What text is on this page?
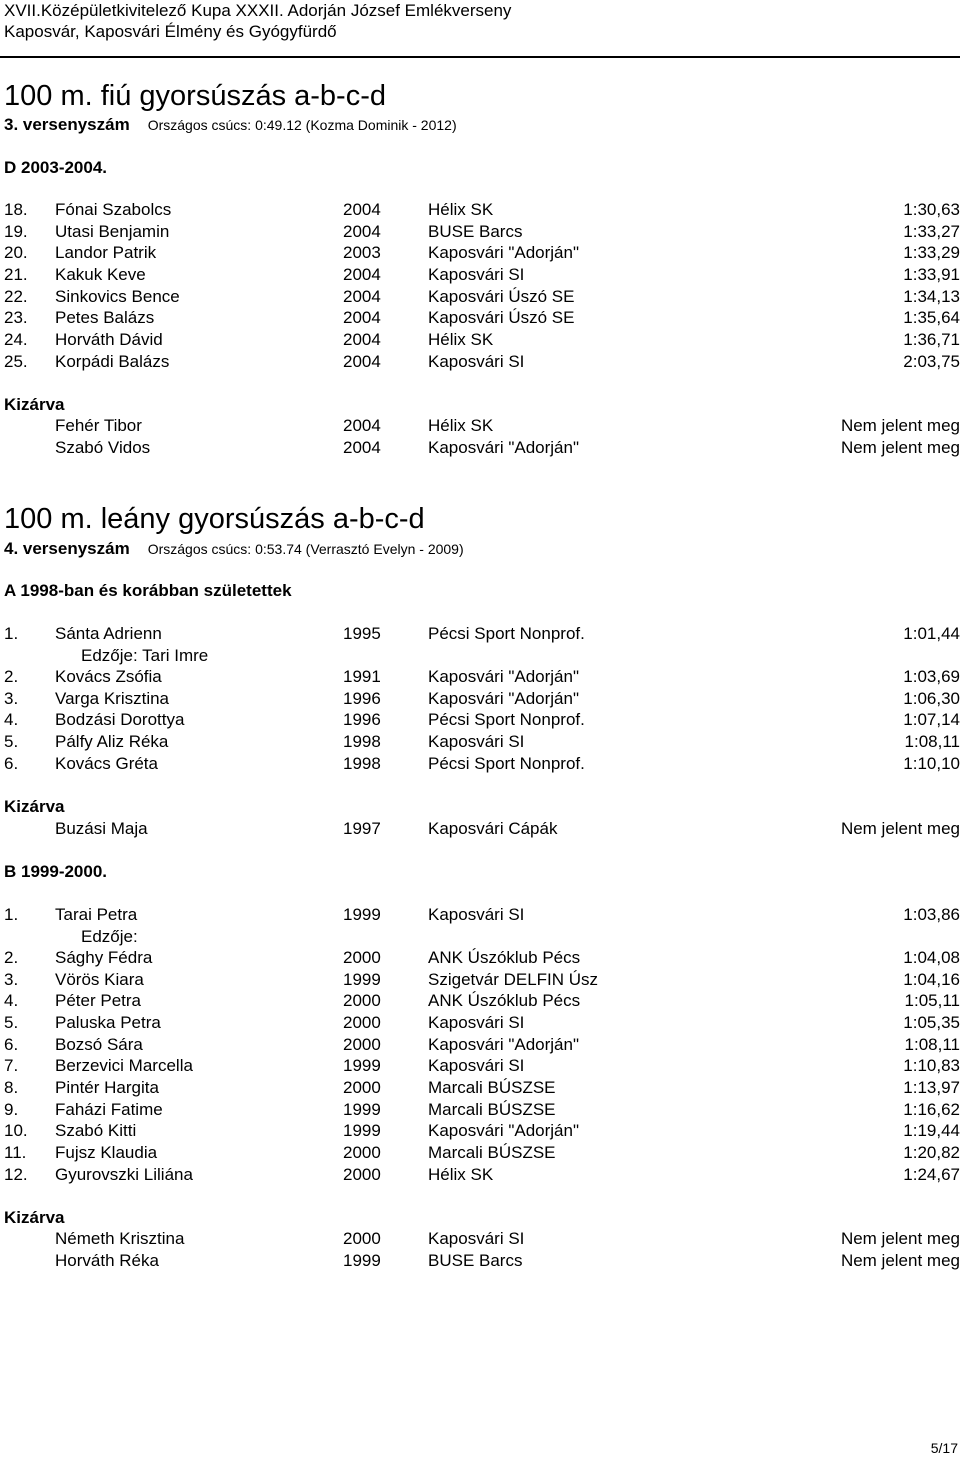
XVII.Középületkivitelező Kupa XXXII. Adorján József Emlékverseny
Kaposvár, Kaposvári Élmény és Gyógyfürdő
100 m. fiú gyorsúszás a-b-c-d
3. versenyszám Országos csúcs: 0:49.12 (Kozma Dominik - 2012)
D 2003-2004.
18. Fónai Szabolcs	2004	Hélix SK	1:30,63
19. Utasi Benjamin	2004	BUSE Barcs	1:33,27
20. Landor Patrik	2003	Kaposvári "Adorján"	1:33,29
21. Kakuk Keve	2004	Kaposvári SI	1:33,91
22. Sinkovics Bence	2004	Kaposvári Úszó SE	1:34,13
23. Petes Balázs	2004	Kaposvári Úszó SE	1:35,64
24. Horváth Dávid	2004	Hélix SK	1:36,71
25. Korpádi Balázs	2004	Kaposvári SI	2:03,75
Kizárva
Fehér Tibor	2004	Hélix SK	Nem jelent meg
Szabó Vidos	2004	Kaposvári "Adorján"	Nem jelent meg
100 m. leány gyorsúszás a-b-c-d
4. versenyszám Országos csúcs: 0:53.74 (Verrasztó Evelyn - 2009)
A 1998-ban és korábban születettek
1. Sánta Adrienn	1995	Pécsi Sport Nonprof.	1:01,44
Edzője: Tari Imre
2. Kovács Zsófia	1991	Kaposvári "Adorján"	1:03,69
3. Varga Krisztina	1996	Kaposvári "Adorján"	1:06,30
4. Bodzási Dorottya	1996	Pécsi Sport Nonprof.	1:07,14
5. Pálfy Aliz Réka	1998	Kaposvári SI	1:08,11
6. Kovács Gréta	1998	Pécsi Sport Nonprof.	1:10,10
Kizárva
Buzási Maja	1997	Kaposvári Cápák	Nem jelent meg
B 1999-2000.
1. Tarai Petra	1999	Kaposvári SI	1:03,86
Edzője:
2. Sághy Fédra	2000	ANK Úszóklub Pécs	1:04,08
3. Vörös Kiara	1999	Szigetvár DELFIN Úsz	1:04,16
4. Péter Petra	2000	ANK Úszóklub Pécs	1:05,11
5. Paluska Petra	2000	Kaposvári SI	1:05,35
6. Bozsó Sára	2000	Kaposvári "Adorján"	1:08,11
7. Berzevici Marcella	1999	Kaposvári SI	1:10,83
8. Pintér Hargita	2000	Marcali BÚSZSE	1:13,97
9. Faházi Fatime	1999	Marcali BÚSZSE	1:16,62
10. Szabó Kitti	1999	Kaposvári "Adorján"	1:19,44
11. Fujsz Klaudia	2000	Marcali BÚSZSE	1:20,82
12. Gyurovszki Liliána	2000	Hélix SK	1:24,67
Kizárva
Németh Krisztina	2000	Kaposvári SI	Nem jelent meg
Horváth Réka	1999	BUSE Barcs	Nem jelent meg
5/17
